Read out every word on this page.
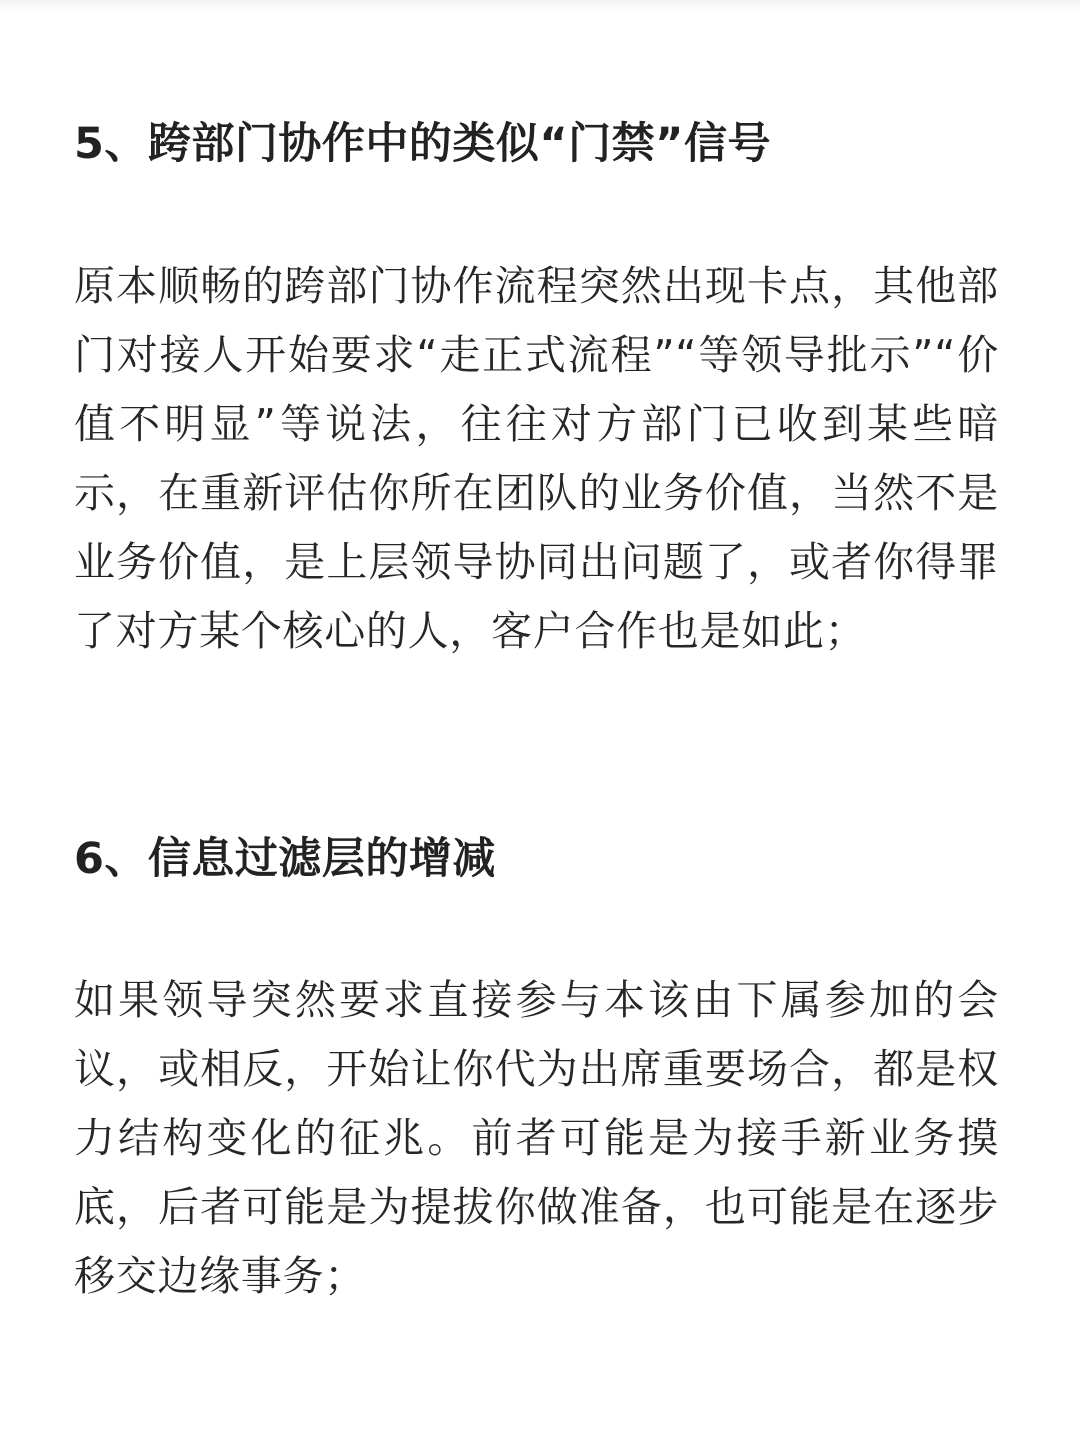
5、跨部门协作中的类似“门禁”信号

原本顺畅的跨部门协作流程突然出现卡点，其他部门对接人开始要求“走正式流程”“等领导批示”“价值不明显”等说法，往往对方部门已收到某些暗示，在重新评估你所在团队的业务价值，当然不是业务价值，是上层领导协同出问题了，或者你得罪了对方某个核心的人，客户合作也是如此；

6、信息过滤层的增减

如果领导突然要求直接参与本该由下属参加的会议，或相反，开始让你代为出席重要场合，都是权力结构变化的征兆。前者可能是为接手新业务摸底，后者可能是为提拔你做准备，也可能是在逐步移交边缘事务；
